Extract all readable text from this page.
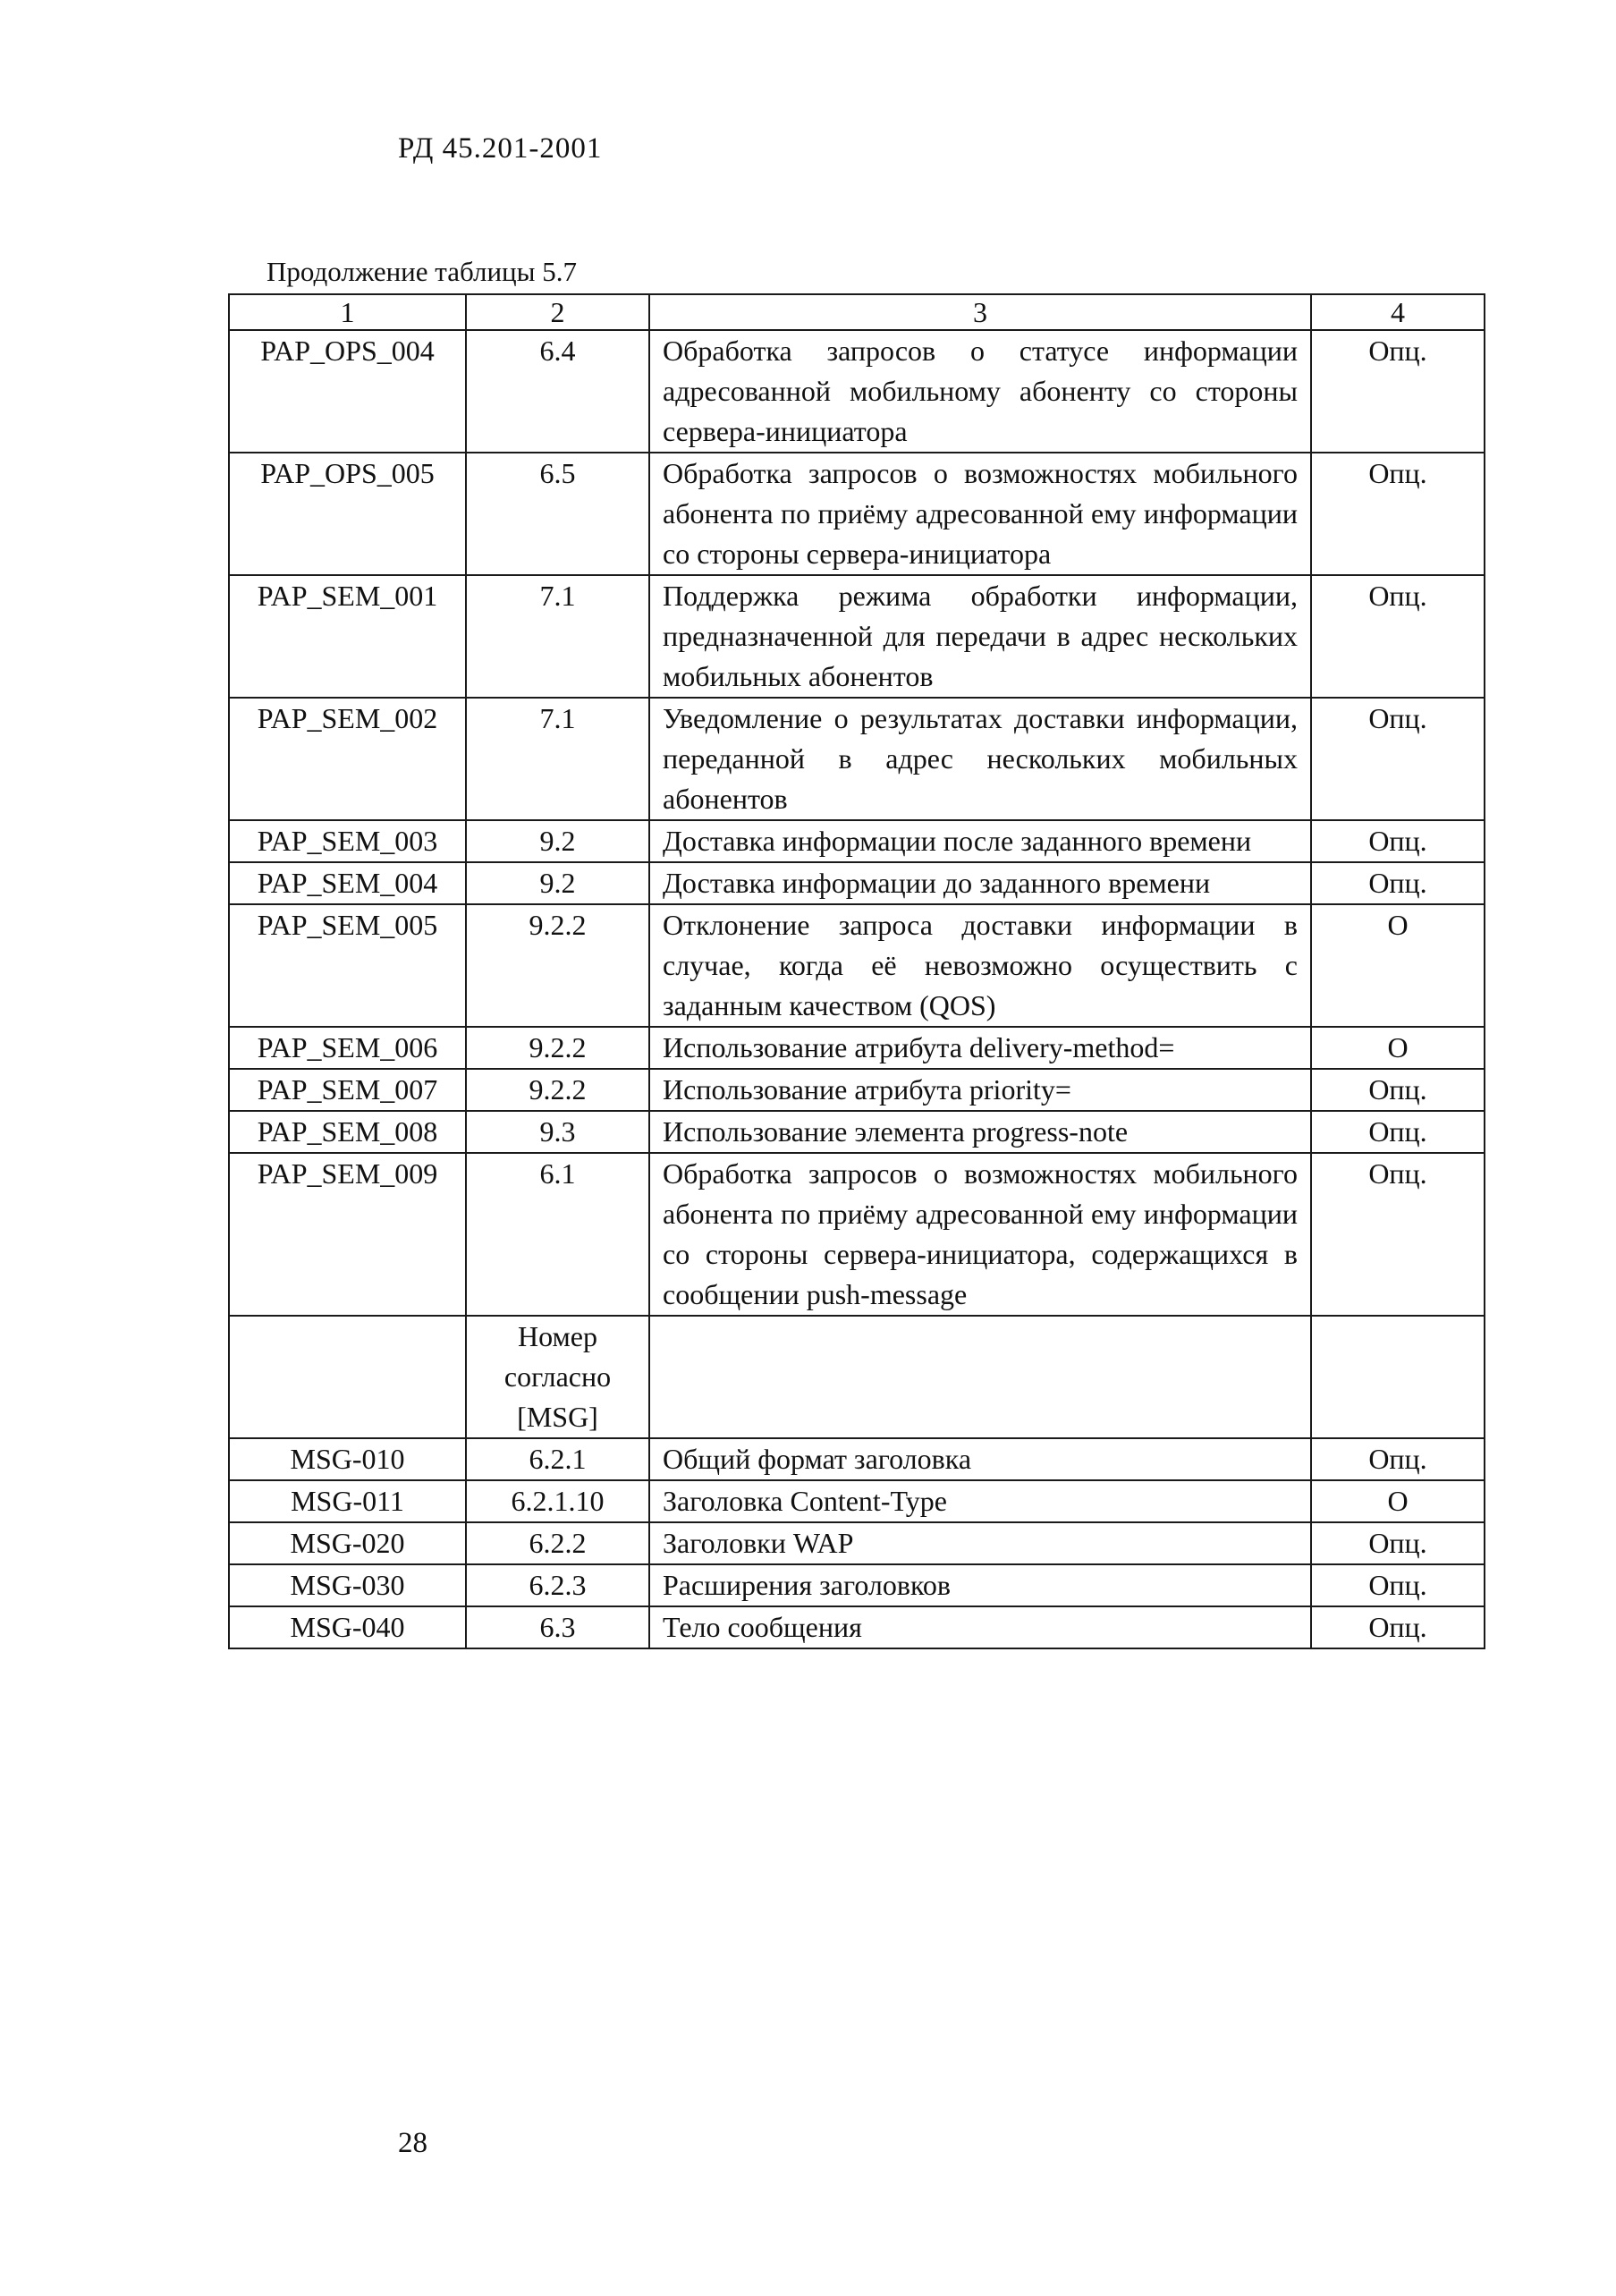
РД 45.201-2001
Продолжение таблицы 5.7
1	2	3	4
PAP_OPS_004	6.4	Обработка запросов о статусе информации адресованной мобильному абоненту со стороны сервера-инициатора	Опц.
PAP_OPS_005	6.5	Обработка запросов о возможностях мобильного абонента по приёму адресованной ему информации со стороны сервера-инициатора	Опц.
PAP_SEM_001	7.1	Поддержка режима обработки информации, предназначенной для передачи в адрес нескольких мобильных абонентов	Опц.
PAP_SEM_002	7.1	Уведомление о результатах доставки информации, переданной в адрес нескольких мобильных абонентов	Опц.
PAP_SEM_003	9.2	Доставка информации после заданного времени	Опц.
PAP_SEM_004	9.2	Доставка информации до заданного времени	Опц.
PAP_SEM_005	9.2.2	Отклонение запроса доставки информации в случае, когда её невозможно осуществить с заданным качеством (QOS)	O
PAP_SEM_006	9.2.2	Использование атрибута delivery-method=	O
PAP_SEM_007	9.2.2	Использование атрибута priority=	Опц.
PAP_SEM_008	9.3	Использование элемента progress-note	Опц.
PAP_SEM_009	6.1	Обработка запросов о возможностях мобильного абонента по приёму адресованной ему информации со стороны сервера-инициатора, содержащихся в сообщении push-message	Опц.
	Номер согласно [MSG]		
MSG-010	6.2.1	Общий формат заголовка	Опц.
MSG-011	6.2.1.10	Заголовка Content-Type	O
MSG-020	6.2.2	Заголовки WAP	Опц.
MSG-030	6.2.3	Расширения заголовков	Опц.
MSG-040	6.3	Тело сообщения	Опц.
28
